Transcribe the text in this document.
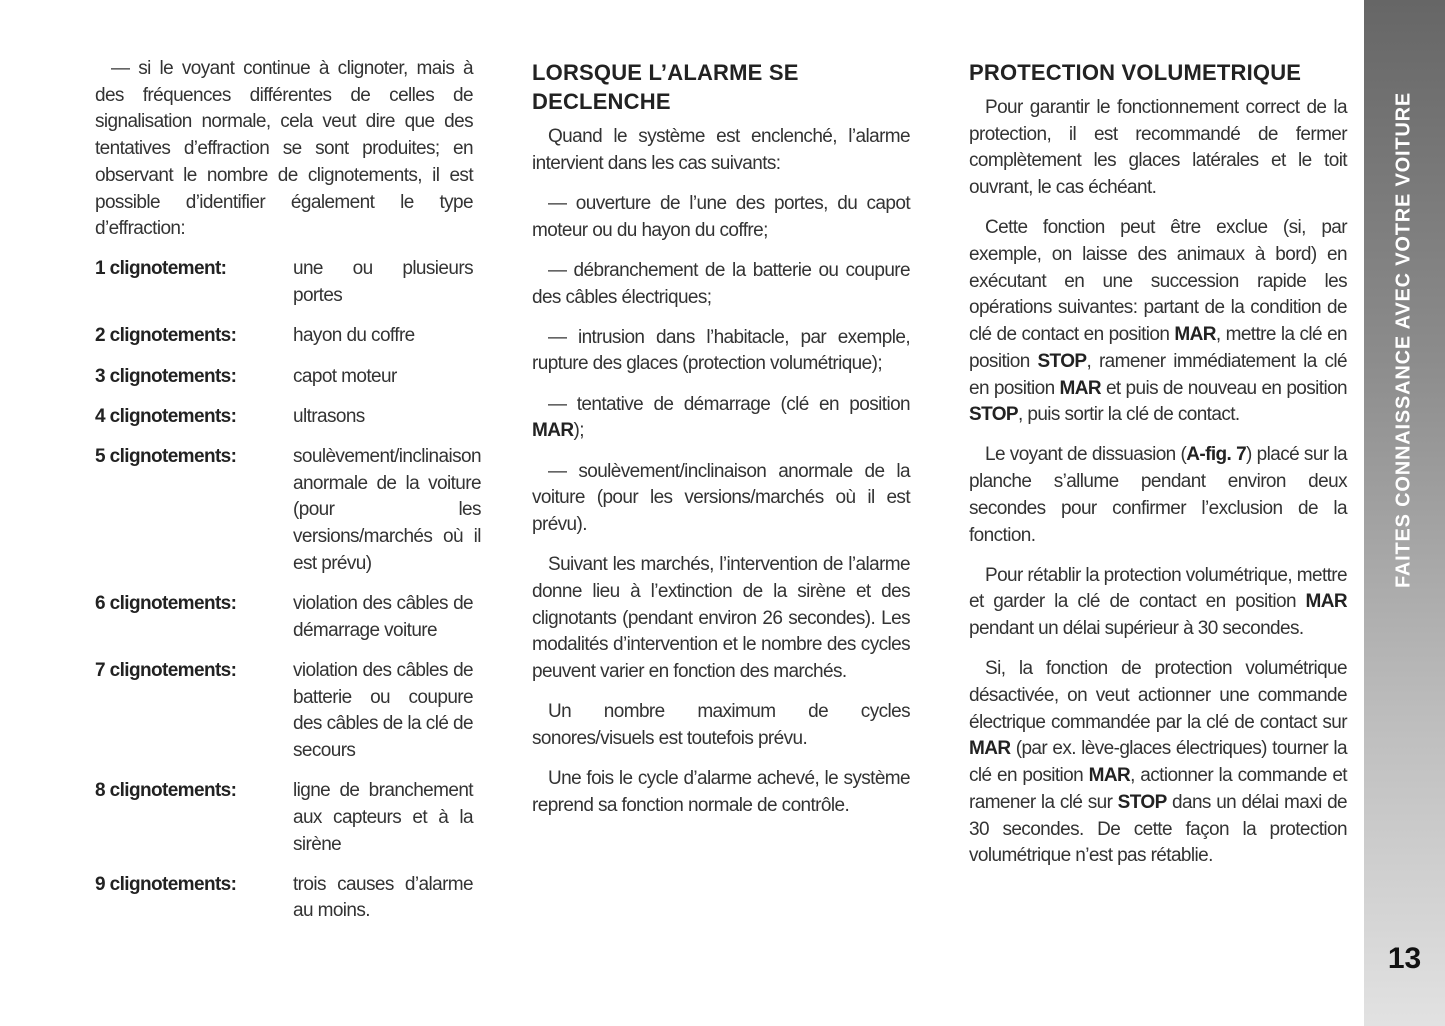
— si le voyant continue à clignoter, mais à des fréquences différentes de celles de signalisation normale, cela veut dire que des tentatives d’effraction se sont produites; en observant le nombre de clignotements, il est possible d’identifier également le type d’effraction:

1 clignotement:	une ou plusieurs portes
2 clignotements:	hayon du coffre
3 clignotements:	capot moteur
4 clignotements:	ultrasons
5 clignotements:	soulèvement/inclinaison anormale de la voiture (pour les versions/marchés où il est prévu)
6 clignotements:	violation des câbles de démarrage voiture
7 clignotements:	violation des câbles de batterie ou coupure des câbles de la clé de secours
8 clignotements:	ligne de branchement aux capteurs et à la sirène
9 clignotements:	trois causes d’alarme au moins.
LORSQUE L’ALARME SE DECLENCHE

Quand le système est enclenché, l’alarme intervient dans les cas suivants:

— ouverture de l’une des portes, du capot moteur ou du hayon du coffre;

— débranchement de la batterie ou coupure des câbles électriques;

— intrusion dans l’habitacle, par exemple, rupture des glaces (protection volumétrique);

— tentative de démarrage (clé en position MAR);

— soulèvement/inclinaison anormale de la voiture (pour les versions/marchés où il est prévu).

Suivant les marchés, l’intervention de l’alarme donne lieu à l’extinction de la sirène et des clignotants (pendant environ 26 secondes). Les modalités d’intervention et le nombre des cycles peuvent varier en fonction des marchés.

Un nombre maximum de cycles sonores/visuels est toutefois prévu.

Une fois le cycle d’alarme achevé, le système reprend sa fonction normale de contrôle.

PROTECTION VOLUMETRIQUE

Pour garantir le fonctionnement correct de la protection, il est recommandé de fermer complètement les glaces latérales et le toit ouvrant, le cas échéant.

Cette fonction peut être exclue (si, par exemple, on laisse des animaux à bord) en exécutant en une succession rapide les opérations suivantes: partant de la condition de clé de contact en position MAR, mettre la clé en position STOP, ramener immédiatement la clé en position MAR et puis de nouveau en position STOP, puis sortir la clé de contact.

Le voyant de dissuasion (A-fig. 7) placé sur la planche s’allume pendant environ deux secondes pour confirmer l’exclusion de la fonction.

Pour rétablir la protection volumétrique, mettre et garder la clé de contact en position MAR pendant un délai supérieur à 30 secondes.

Si, la fonction de protection volumétrique désactivée, on veut actionner une commande électrique commandée par la clé de contact sur MAR (par ex. lève-glaces électriques) tourner la clé en position MAR, actionner la commande et ramener la clé sur STOP dans un délai maxi de 30 secondes. De cette façon la protection volumétrique n’est pas rétablie.

FAITES CONNAISSANCE AVEC VOTRE VOITURE
13
